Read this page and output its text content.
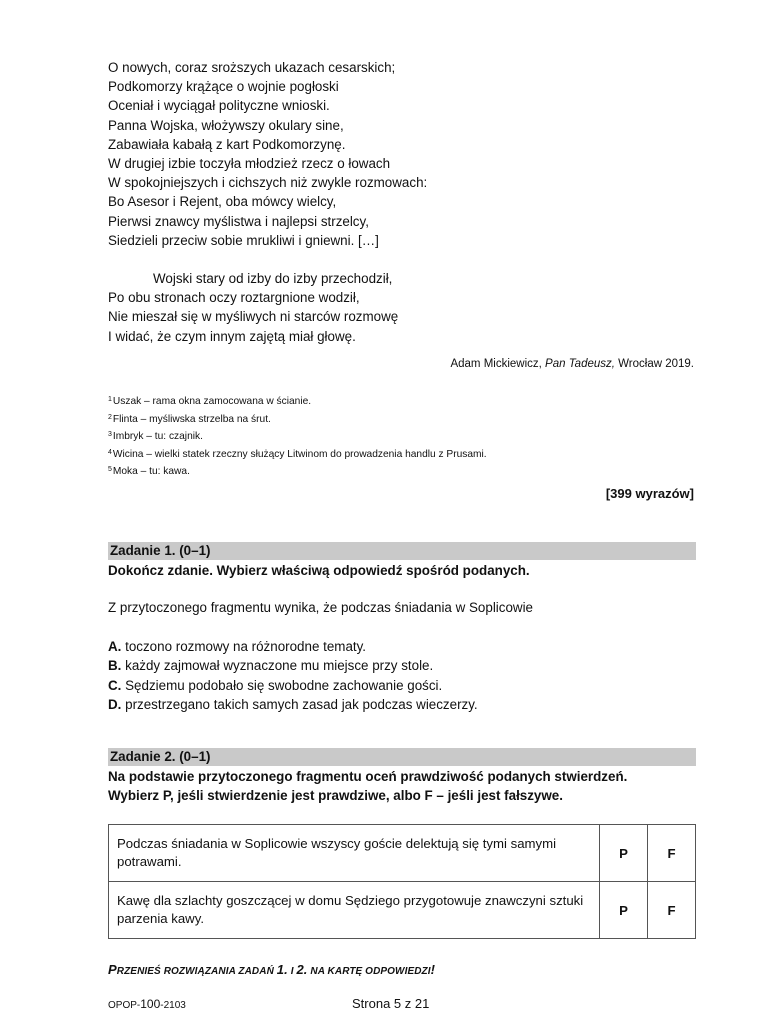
O nowych, coraz sroższych ukazach cesarskich;
Podkomorzy krążące o wojnie pogłoski
Oceniał i wyciągał polityczne wnioski.
Panna Wojska, włożywszy okulary sine,
Zabawiała kabałą z kart Podkomorzynę.
W drugiej izbie toczyła młodzież rzecz o łowach
W spokojniejszych i cichszych niż zwykle rozmowach:
Bo Asesor i Rejent, oba mówcy wielcy,
Pierwsi znawcy myślistwa i najlepsi strzelcy,
Siedzieli przeciw sobie mrukliwi i gniewni. […]
Wojski stary od izby do izby przechodził,
Po obu stronach oczy roztargnione wodził,
Nie mieszał się w myśliwych ni starców rozmowę
I widać, że czym innym zajętą miał głowę.
Adam Mickiewicz, Pan Tadeusz, Wrocław 2019.
$^1$Uszak – rama okna zamocowana w ścianie.
$^2$Flinta – myśliwska strzelba na śrut.
$^3$Imbryk – tu: czajnik.
$^4$Wicina – wielki statek rzeczny służący Litwinom do prowadzenia handlu z Prusami.
$^5$Moka – tu: kawa.
[399 wyrazów]
Zadanie 1. (0–1)
Dokończ zdanie. Wybierz właściwą odpowiedź spośród podanych.
Z przytoczonego fragmentu wynika, że podczas śniadania w Soplicowie
A. toczono rozmowy na różnorodne tematy.
B. każdy zajmował wyznaczone mu miejsce przy stole.
C. Sędziemu podobało się swobodne zachowanie gości.
D. przestrzegano takich samych zasad jak podczas wieczerzy.
Zadanie 2. (0–1)
Na podstawie przytoczonego fragmentu oceń prawdziwość podanych stwierdzeń.
Wybierz P, jeśli stwierdzenie jest prawdziwe, albo F – jeśli jest fałszywe.
Podczas śniadania w Soplicowie wszyscy goście delektują się tymi samymi potrawami.	P	F
Kawę dla szlachty goszczącej w domu Sędziego przygotowuje znawczyni sztuki parzenia kawy.	P	F
PRZENIEŚ ROZWIĄZANIA ZADAŃ 1. I 2. NA KARTĘ ODPOWIEDZI!
OPOP-100-2103	Strona 5 z 21
